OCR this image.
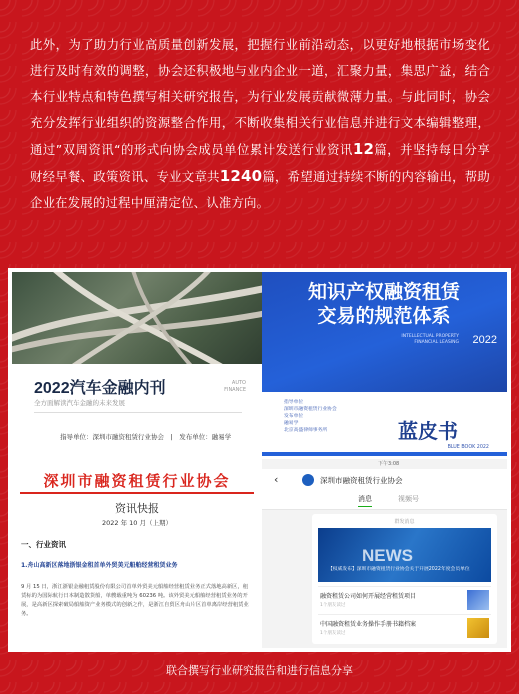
此外，为了助力行业高质量创新发展，把握行业前沿动态，以更好地根据市场变化进行及时有效的调整，协会还积极地与业内企业一道，汇聚力量，集思广益，结合本行业特点和特色撰写相关研究报告，为行业发展贡献微薄力量。与此同时，协会充分发挥行业组织的资源整合作用，不断收集相关行业信息并进行文本编辑整理，通过”双周资讯“的形式向协会成员单位累计发送行业资讯12篇，并坚持每日分享财经早餐、政策资讯、专业文章共1240篇，希望通过持续不断的内容输出，帮助企业在发展的过程中厘清定位、认准方向。
2022汽车金融内刊	AUTO
FINANCE
全方面解读汽车金融的未来发展
指导单位：深圳市融资租赁行业协会　|　发布单位：融易学
知识产权融资租赁
交易的规范体系
INTELLECTUAL PROPERTY
FINANCIAL LEASING 2022
指导单位
深圳市融资租赁行业协会
发布单位
融易学
北京高盛律师事务所	蓝皮书
BLUE BOOK 2022
深圳市融资租赁行业协会
资讯快报
2022 年 10 月（上期）
一、行业资讯
1.舟山高新区落地浙银金租首单外贸美元船舶经营租赁业务
9 月 15 日，浙江浙银金融租赁股份有限公司首单外贸美元船舶经营租赁业务正式落地高新区，租赁标的为国际航行日本制造散货船，单艘载重吨为 60236 吨。该外贸美元船舶经营租赁业务的开展，是高新区探索破局船舶资产业务模式的创新之作，是浙江自贸区舟山片区首单离岸经营租赁业务。
下午3:08
‹	深圳市融资租赁行业协会
消息	视频号
群发消息
NEWS
【权威发布】深圳市融资租赁行业协会关于开展2022年度会员单位
融资租赁公司如何开展经营租赁项目
1个朋友读过
中国融资租赁业务操作手册书籍档案
1个朋友读过
联合撰写行业研究报告和进行信息分享
